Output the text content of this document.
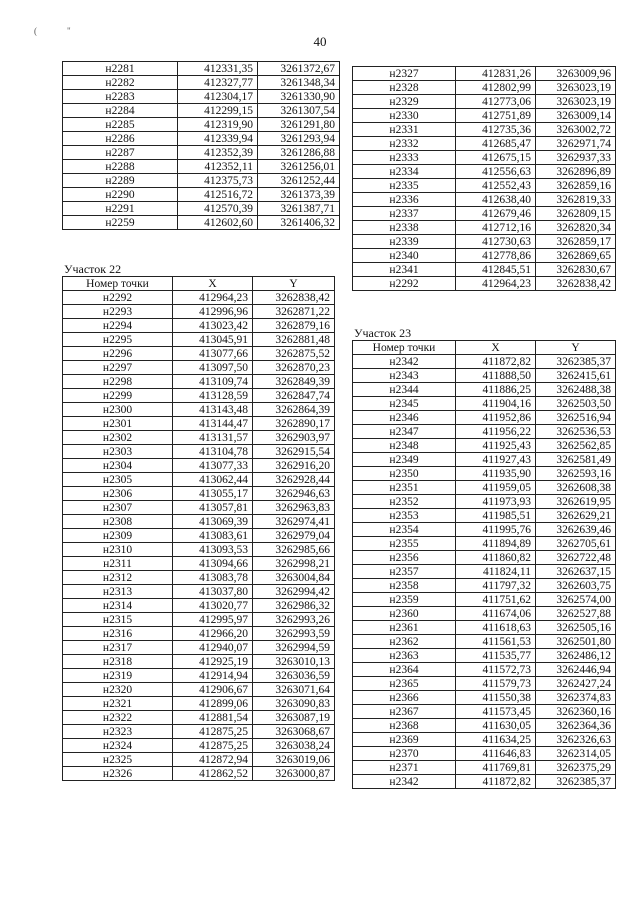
("
40
н2281	412331,35	3261372,67
н2282	412327,77	3261348,34
н2283	412304,17	3261330,90
н2284	412299,15	3261307,54
н2285	412319,90	3261291,80
н2286	412339,94	3261293,94
н2287	412352,39	3261286,88
н2288	412352,11	3261256,01
н2289	412375,73	3261252,44
н2290	412516,72	3261373,39
н2291	412570,39	3261387,71
н2259	412602,60	3261406,32
Участок 22
Номер точки	X	Y
н2292	412964,23	3262838,42
н2293	412996,96	3262871,22
н2294	413023,42	3262879,16
н2295	413045,91	3262881,48
н2296	413077,66	3262875,52
н2297	413097,50	3262870,23
н2298	413109,74	3262849,39
н2299	413128,59	3262847,74
н2300	413143,48	3262864,39
н2301	413144,47	3262890,17
н2302	413131,57	3262903,97
н2303	413104,78	3262915,54
н2304	413077,33	3262916,20
н2305	413062,44	3262928,44
н2306	413055,17	3262946,63
н2307	413057,81	3262963,83
н2308	413069,39	3262974,41
н2309	413083,61	3262979,04
н2310	413093,53	3262985,66
н2311	413094,66	3262998,21
н2312	413083,78	3263004,84
н2313	413037,80	3262994,42
н2314	413020,77	3262986,32
н2315	412995,97	3262993,26
н2316	412966,20	3262993,59
н2317	412940,07	3262994,59
н2318	412925,19	3263010,13
н2319	412914,94	3263036,59
н2320	412906,67	3263071,64
н2321	412899,06	3263090,83
н2322	412881,54	3263087,19
н2323	412875,25	3263068,67
н2324	412875,25	3263038,24
н2325	412872,94	3263019,06
н2326	412862,52	3263000,87
н2327	412831,26	3263009,96
н2328	412802,99	3263023,19
н2329	412773,06	3263023,19
н2330	412751,89	3263009,14
н2331	412735,36	3263002,72
н2332	412685,47	3262971,74
н2333	412675,15	3262937,33
н2334	412556,63	3262896,89
н2335	412552,43	3262859,16
н2336	412638,40	3262819,33
н2337	412679,46	3262809,15
н2338	412712,16	3262820,34
н2339	412730,63	3262859,17
н2340	412778,86	3262869,65
н2341	412845,51	3262830,67
н2292	412964,23	3262838,42
Участок 23
Номер точки	X	Y
н2342	411872,82	3262385,37
н2343	411888,50	3262415,61
н2344	411886,25	3262488,38
н2345	411904,16	3262503,50
н2346	411952,86	3262516,94
н2347	411956,22	3262536,53
н2348	411925,43	3262562,85
н2349	411927,43	3262581,49
н2350	411935,90	3262593,16
н2351	411959,05	3262608,38
н2352	411973,93	3262619,95
н2353	411985,51	3262629,21
н2354	411995,76	3262639,46
н2355	411894,89	3262705,61
н2356	411860,82	3262722,48
н2357	411824,11	3262637,15
н2358	411797,32	3262603,75
н2359	411751,62	3262574,00
н2360	411674,06	3262527,88
н2361	411618,63	3262505,16
н2362	411561,53	3262501,80
н2363	411535,77	3262486,12
н2364	411572,73	3262446,94
н2365	411579,73	3262427,24
н2366	411550,38	3262374,83
н2367	411573,45	3262360,16
н2368	411630,05	3262364,36
н2369	411634,25	3262326,63
н2370	411646,83	3262314,05
н2371	411769,81	3262375,29
н2342	411872,82	3262385,37
